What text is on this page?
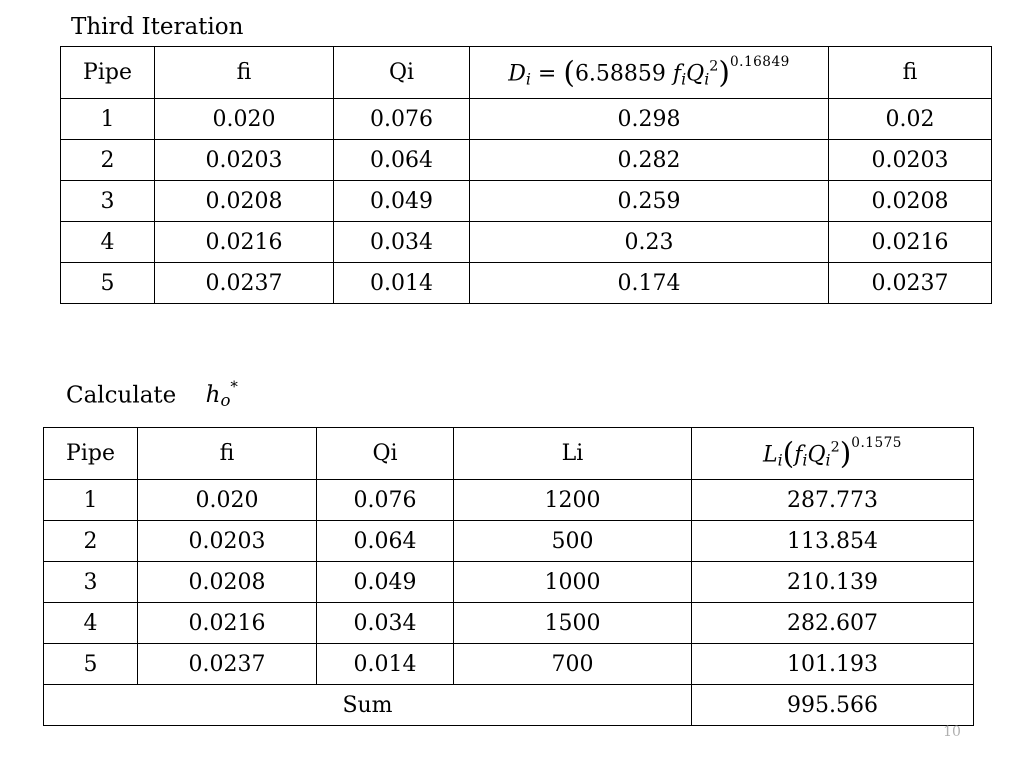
Third Iteration
Pipe	fi	Qi	$D_i = (6.58859$ $f_iQ_i^2)^{0.16849}$	fi
1	0.020	0.076	0.298	0.02
2	0.0203	0.064	0.282	0.0203
3	0.0208	0.049	0.259	0.0208
4	0.0216	0.034	0.23	0.0216
5	0.0237	0.014	0.174	0.0237
Calculate $h_o^*$
Pipe	fi	Qi	Li	$L_i(f_iQ_i^2)^{0.1575}$
1	0.020	0.076	1200	287.773
2	0.0203	0.064	500	113.854
3	0.0208	0.049	1000	210.139
4	0.0216	0.034	1500	282.607
5	0.0237	0.014	700	101.193
Sum				995.566
10
